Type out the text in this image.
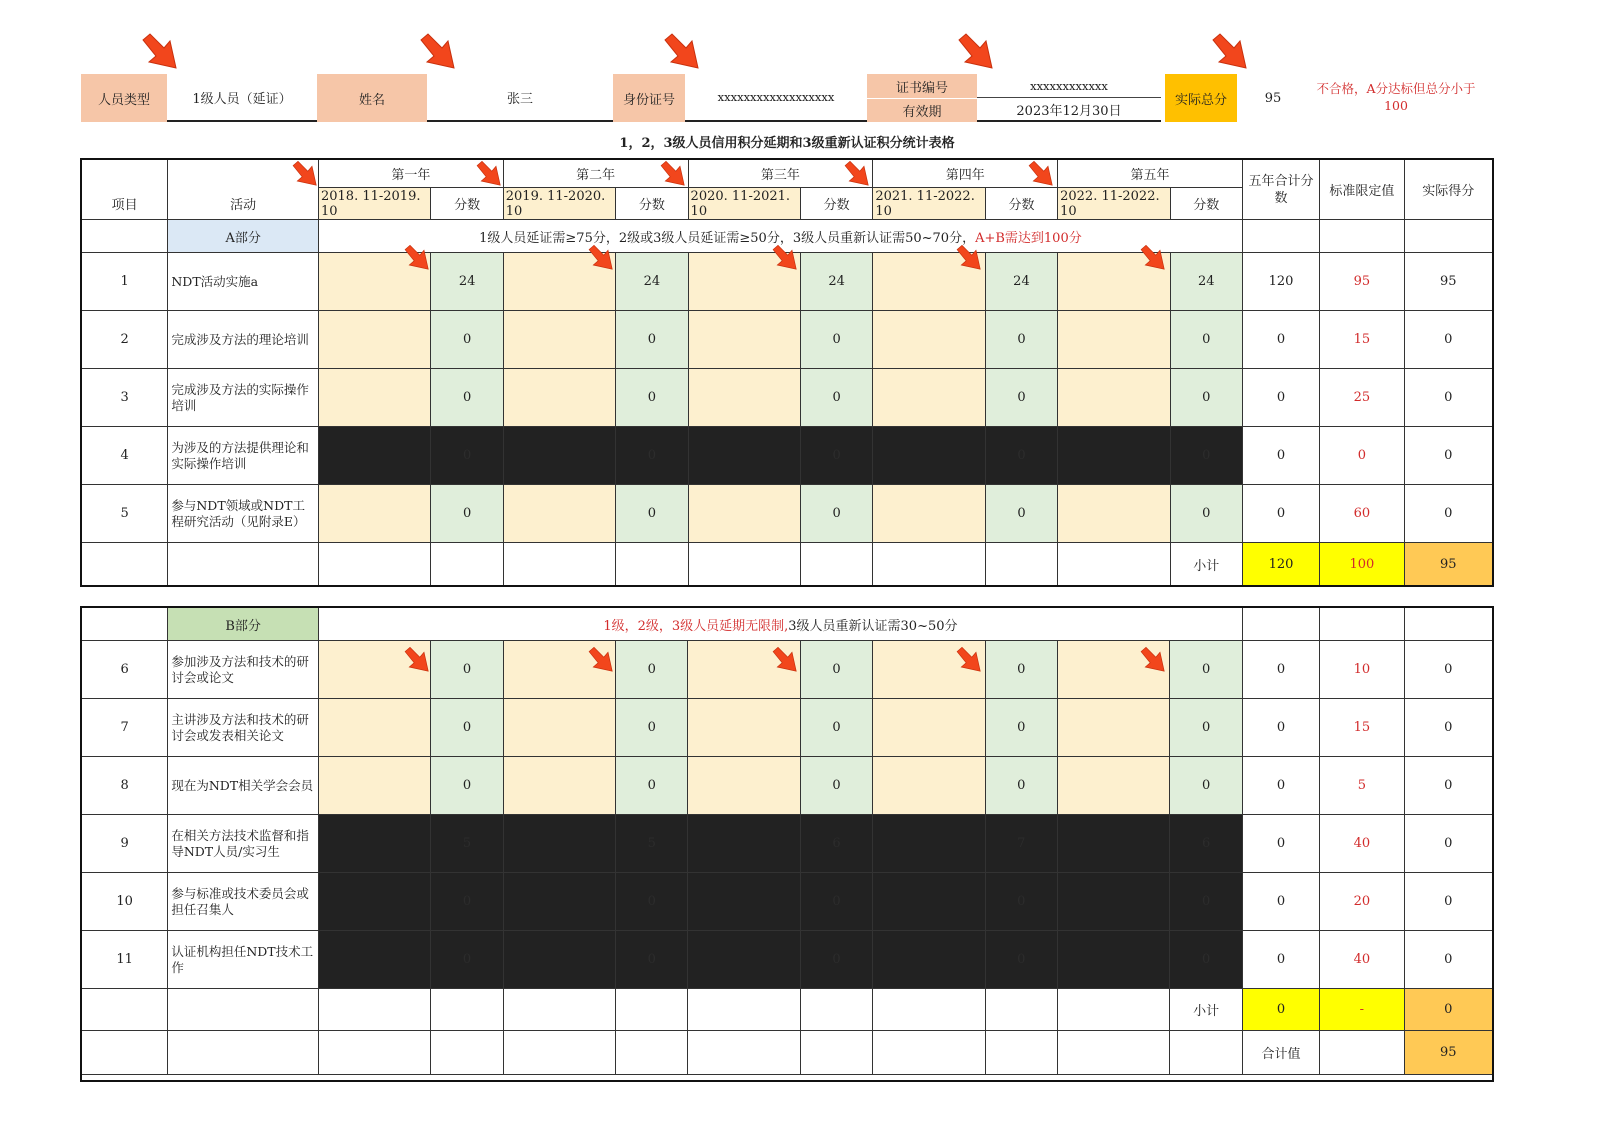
人员类型	1级人员（延证）	姓名	张三	身份证号	xxxxxxxxxxxxxxxxxx
证书编号	xxxxxxxxxxxx
有效期	2023年12月30日
实际总分	95
不合格，A分达标但总分小于100
1，2，3级人员信用积分延期和3级重新认证积分统计表格
		第一年		第二年		第三年		第四年		第五年		五年合计分数	标准限定值	实际得分
项目	活动	2018. 11-2019. 10	分数	2019. 11-2020. 10	分数	2020. 11-2021. 10	分数	2021. 11-2022. 10	分数	2022. 11-2022. 10	分数			
	A部分	1级人员延证需≥75分，2级或3级人员延证需≥50分，3级人员重新认证需50~70分，A+B需达到100分												
1	NDT活动实施a		24		24		24		24		24	120	95	95
2	完成涉及方法的理论培训		0		0		0		0		0	0	15	0
3	完成涉及方法的实际操作培训		0		0		0		0		0	0	25	0
4	为涉及的方法提供理论和实际操作培训		0		0		0		0		0	0	0	0
5	参与NDT领域或NDT工程研究活动（见附录E）		0		0		0		0		0	0	60	0
											小计	120	100	95
	B部分	1级，2级，3级人员延期无限制,3级人员重新认证需30~50分												
6	参加涉及方法和技术的研讨会或论文		0		0		0		0		0	0	10	0
7	主讲涉及方法和技术的研讨会或发表相关论文		0		0		0		0		0	0	15	0
8	现在为NDT相关学会会员		0		0		0		0		0	0	5	0
9	在相关方法技术监督和指导NDT人员/实习生		5		5		6		7		6	0	40	0
10	参与标准或技术委员会或担任召集人		0		0		0		0		0	0	20	0
11	认证机构担任NDT技术工作		0		0		0		0		0	0	40	0
											小计	0	-	0
												合计值		95
